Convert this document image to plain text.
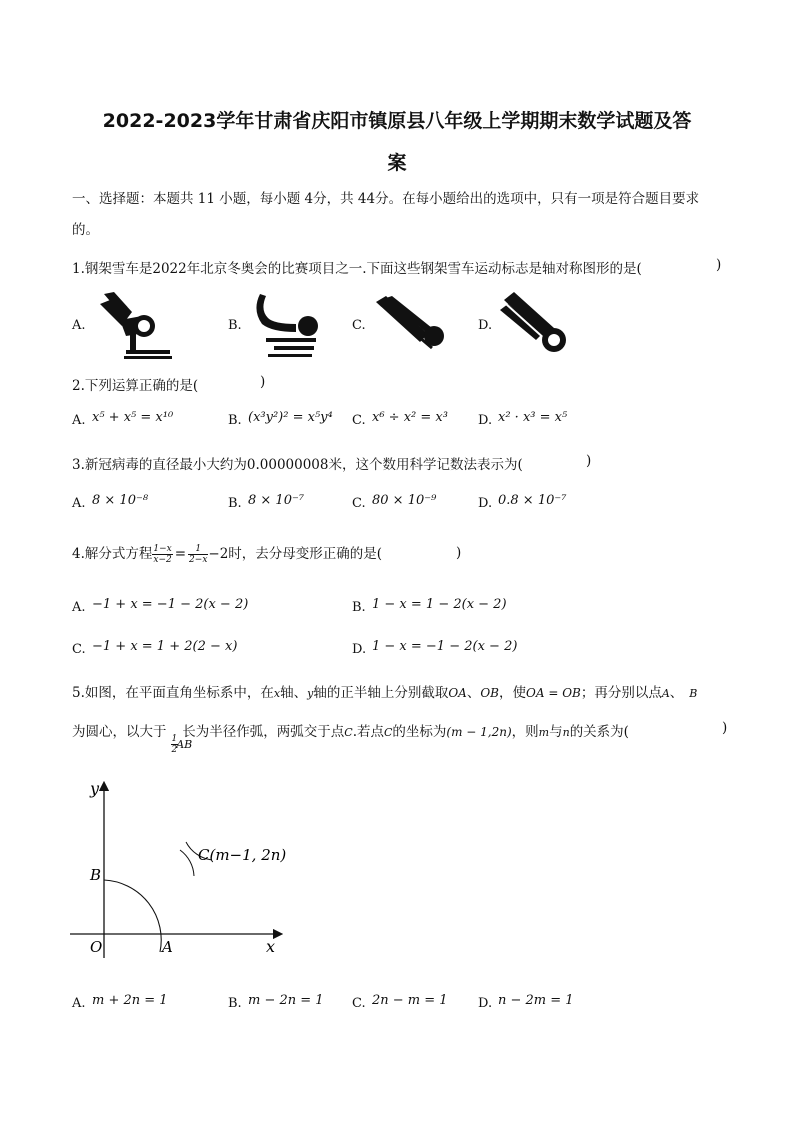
2022-2023学年甘肃省庆阳市镇原县八年级上学期期末数学试题及答
案
一、选择题：本题共 11 小题，每小题 4分，共 44分。在每小题给出的选项中，只有一项是符合题目要求
的。
1.钢架雪车是2022年北京冬奥会的比赛项目之一.下面这些钢架雪车运动标志是轴对称图形的是(	)
A.	B.	C.	D.
2.下列运算正确的是(	)
A. x⁵ + x⁵ = x¹⁰	B. (x³y²)² = x⁵y⁴ C. x⁶ ÷ x² = x³ D. x² · x³ = x⁵
3.新冠病毒的直径最小大约为0.00000008米，这个数用科学记数法表示为(	)
A. 8 × 10⁻⁸	B. 8 × 10⁻⁷	C. 80 × 10⁻⁹	D. 0.8 × 10⁻⁷
4.解分式方程 $\frac{1-x}{x-2} = \frac{1}{2-x} -2$时，去分母变形正确的是(	)
A. −1 + x = −1 − 2(x − 2)	B. 1 − x = 1 − 2(x − 2)
C. −1 + x = 1 + 2(2 − x)	D. 1 − x = −1 − 2(x − 2)
5.如图，在平面直角坐标系中，在x轴、y轴的正半轴上分别截取OA、OB，使OA = OB；再分别以点A、 B
为圆心，以大于
$\frac{1}{2}$
$_{AB}$长为半径作弧，两弧交于点C.若点C的坐标为(m − 1,2n)，则m与n的关系为(	)
y
x
B
O	A
C(m−1, 2n)
A. m + 2n = 1	B. m − 2n = 1 C. 2n − m = 1 D. n − 2m = 1
